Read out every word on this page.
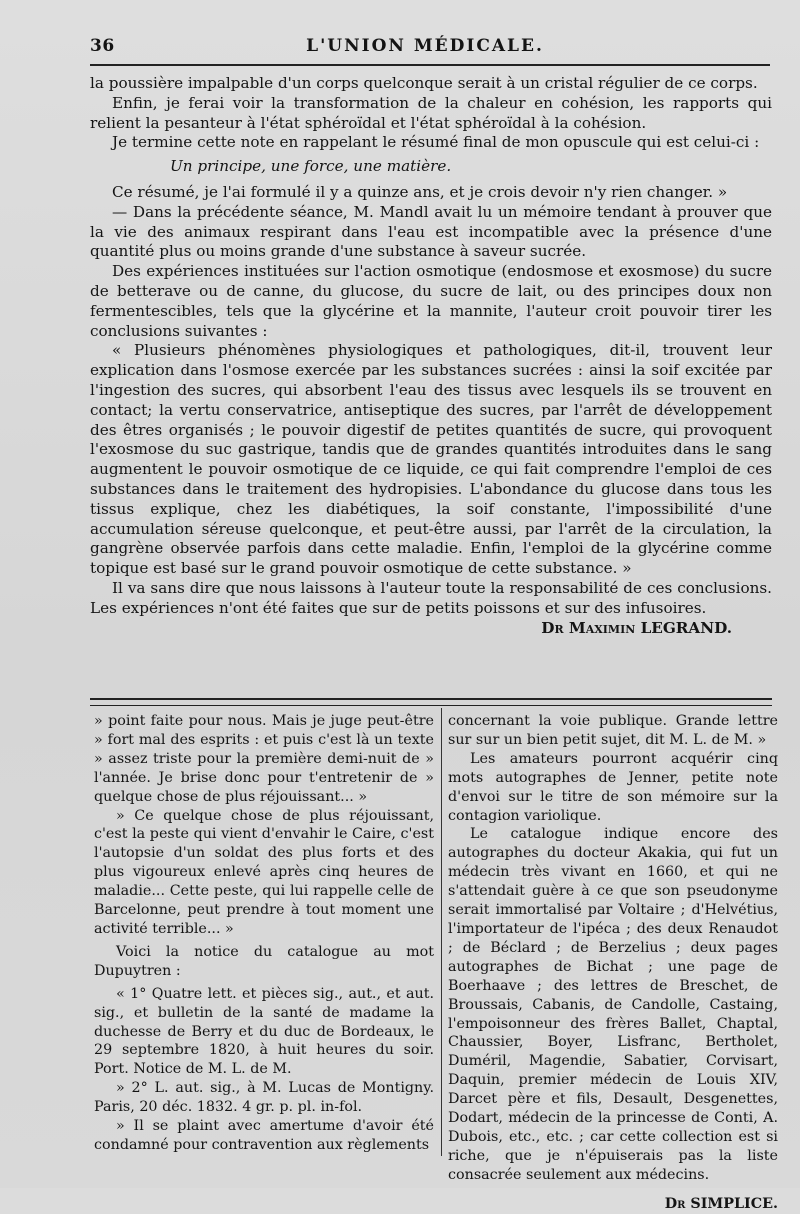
36	L'UNION MÉDICALE.

la poussière impalpable d'un corps quelconque serait à un cristal régulier de ce corps.

Enfin, je ferai voir la transformation de la chaleur en cohésion, les rapports qui relient la pesanteur à l'état sphéroïdal et l'état sphéroïdal à la cohésion.

Je termine cette note en rappelant le résumé final de mon opuscule qui est celui-ci :

Un principe, une force, une matière.

Ce résumé, je l'ai formulé il y a quinze ans, et je crois devoir n'y rien changer. »

— Dans la précédente séance, M. Mandl avait lu un mémoire tendant à prouver que la vie des animaux respirant dans l'eau est incompatible avec la présence d'une quantité plus ou moins grande d'une substance à saveur sucrée.

Des expériences instituées sur l'action osmotique (endosmose et exosmose) du sucre de betterave ou de canne, du glucose, du sucre de lait, ou des principes doux non fermentescibles, tels que la glycérine et la mannite, l'auteur croit pouvoir tirer les conclusions suivantes :

« Plusieurs phénomènes physiologiques et pathologiques, dit-il, trouvent leur explication dans l'osmose exercée par les substances sucrées : ainsi la soif excitée par l'ingestion des sucres, qui absorbent l'eau des tissus avec lesquels ils se trouvent en contact; la vertu conservatrice, antiseptique des sucres, par l'arrêt de développement des êtres organisés ; le pouvoir digestif de petites quantités de sucre, qui provoquent l'exosmose du suc gastrique, tandis que de grandes quantités introduites dans le sang augmentent le pouvoir osmotique de ce liquide, ce qui fait comprendre l'emploi de ces substances dans le traitement des hydropisies. L'abondance du glucose dans tous les tissus explique, chez les diabétiques, la soif constante, l'impossibilité d'une accumulation séreuse quelconque, et peut-être aussi, par l'arrêt de la circulation, la gangrène observée parfois dans cette maladie. Enfin, l'emploi de la glycérine comme topique est basé sur le grand pouvoir osmotique de cette substance. »

Il va sans dire que nous laissons à l'auteur toute la responsabilité de ces conclusions. Les expériences n'ont été faites que sur de petits poissons et sur des infusoires.

Dr Maximin LEGRAND.

» point faite pour nous. Mais je juge peut-être » fort mal des esprits : et puis c'est là un texte » assez triste pour la première demi-nuit de » l'année. Je brise donc pour t'entretenir de » quelque chose de plus réjouissant... »

» Ce quelque chose de plus réjouissant, c'est la peste qui vient d'envahir le Caire, c'est l'autopsie d'un soldat des plus forts et des plus vigoureux enlevé après cinq heures de maladie... Cette peste, qui lui rappelle celle de Barcelonne, peut prendre à tout moment une activité terrible... »

Voici la notice du catalogue au mot Dupuytren :

« 1° Quatre lett. et pièces sig., aut., et aut. sig., et bulletin de la santé de madame la duchesse de Berry et du duc de Bordeaux, le 29 septembre 1820, à huit heures du soir. Port. Notice de M. L. de M.

» 2° L. aut. sig., à M. Lucas de Montigny. Paris, 20 déc. 1832. 4 gr. p. pl. in-fol.

» Il se plaint avec amertume d'avoir été condamné pour contravention aux règlements

concernant la voie publique. Grande lettre sur sur un bien petit sujet, dit M. L. de M. »

Les amateurs pourront acquérir cinq mots autographes de Jenner, petite note d'envoi sur le titre de son mémoire sur la contagion variolique.

Le catalogue indique encore des autographes du docteur Akakia, qui fut un médecin très vivant en 1660, et qui ne s'attendait guère à ce que son pseudonyme serait immortalisé par Voltaire ; d'Helvétius, l'importateur de l'ipéca ; des deux Renaudot ; de Béclard ; de Berzelius ; deux pages autographes de Bichat ; une page de Boerhaave ; des lettres de Breschet, de Broussais, Cabanis, de Candolle, Castaing, l'empoisonneur des frères Ballet, Chaptal, Chaussier, Boyer, Lisfranc, Bertholet, Duméril, Magendie, Sabatier, Corvisart, Daquin, premier médecin de Louis XIV, Darcet père et fils, Desault, Desgenettes, Dodart, médecin de la princesse de Conti, A. Dubois, etc., etc. ; car cette collection est si riche, que je n'épuiserais pas la liste consacrée seulement aux médecins.

Dr SIMPLICE.
